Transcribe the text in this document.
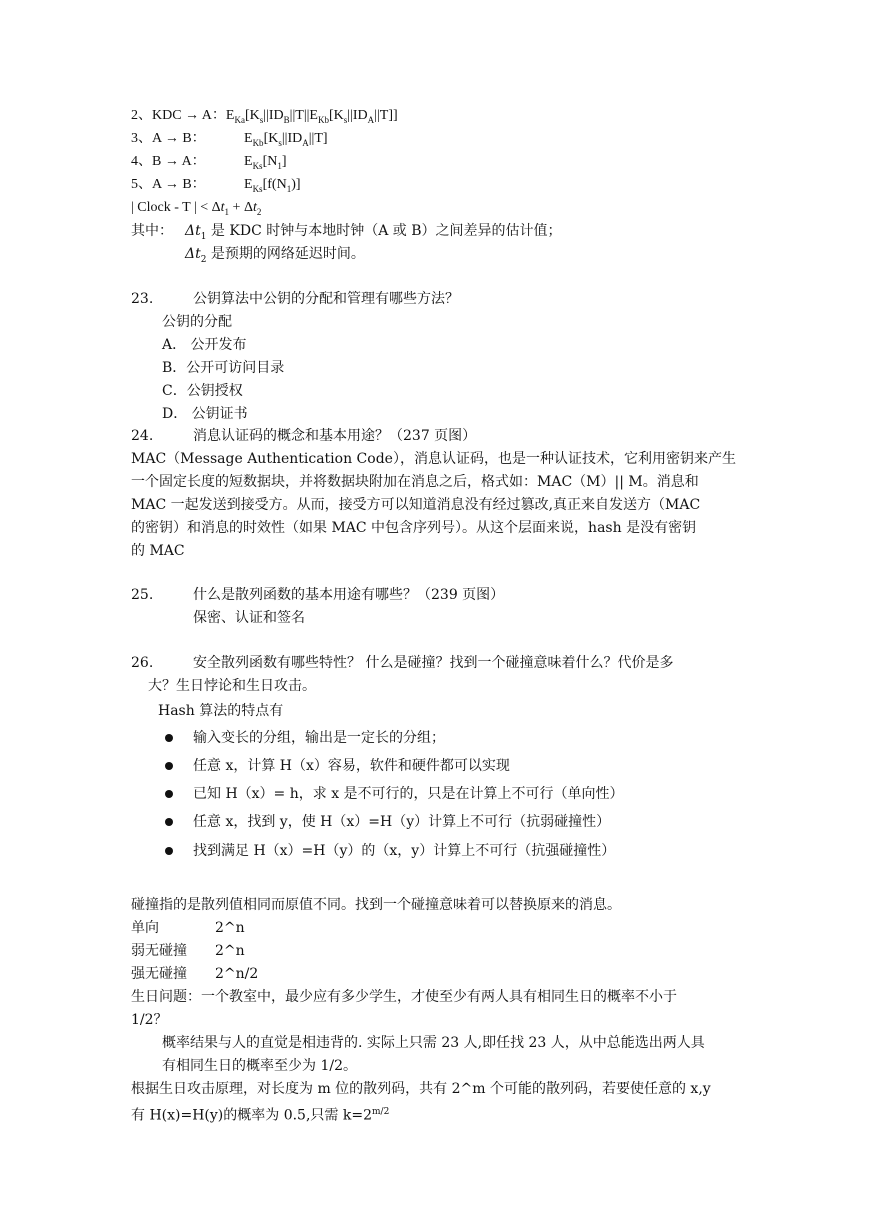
2、KDC → A：$E_{Ka}[K_s||ID_B||T||E_{Kb}[K_s||ID_A||T]]$
3、A → B：	$E_{Kb}[K_s||ID_A||T]$
4、B → A：	$E_{Ks}[N_1]$
5、A → B：	$E_{Ks}[f(N_1)]$
| Clock - T | < $\Delta t_1 + \Delta t_2$
其中： $\Delta t_1$ 是 KDC 时钟与本地时钟（A 或 B）之间差异的估计值；
$\Delta t_2$ 是预期的网络延迟时间。
23.	公钥算法中公钥的分配和管理有哪些方法？
公钥的分配
A． 公开发布
B．公开可访问目录
C．公钥授权
D． 公钥证书
24.	消息认证码的概念和基本用途？（237 页图）
MAC（Message Authentication Code），消息认证码，也是一种认证技术，它利用密钥来产生
一个固定长度的短数据块，并将数据块附加在消息之后，格式如：MAC（M）|| M。消息和
MAC 一起发送到接受方。从而，接受方可以知道消息没有经过篡改,真正来自发送方（MAC
的密钥）和消息的时效性（如果 MAC 中包含序列号）。从这个层面来说，hash 是没有密钥
的 MAC
25.	什么是散列函数的基本用途有哪些？（239 页图）
保密、认证和签名
26.	安全散列函数有哪些特性？ 什么是碰撞？找到一个碰撞意味着什么？代价是多
大？生日悖论和生日攻击。
Hash 算法的特点有
输入变长的分组，输出是一定长的分组；
任意 x，计算 H（x）容易，软件和硬件都可以实现
已知 H（x）= h，求 x 是不可行的，只是在计算上不可行（单向性）
任意 x，找到 y，使 H（x）=H（y）计算上不可行（抗弱碰撞性）
找到满足 H（x）=H（y）的（x，y）计算上不可行（抗强碰撞性）
碰撞指的是散列值相同而原值不同。找到一个碰撞意味着可以替换原来的消息。
单向	2^n
弱无碰撞 2^n
强无碰撞 2^n/2
生日问题：一个教室中，最少应有多少学生，才使至少有两人具有相同生日的概率不小于
1/2？
概率结果与人的直觉是相违背的. 实际上只需 23 人,即任找 23 人，从中总能选出两人具
有相同生日的概率至少为 1/2。
根据生日攻击原理，对长度为 m 位的散列码，共有 2^m 个可能的散列码，若要使任意的 x,y
有 H(x)=H(y)的概率为 0.5,只需 $k=2^{m/2}$
